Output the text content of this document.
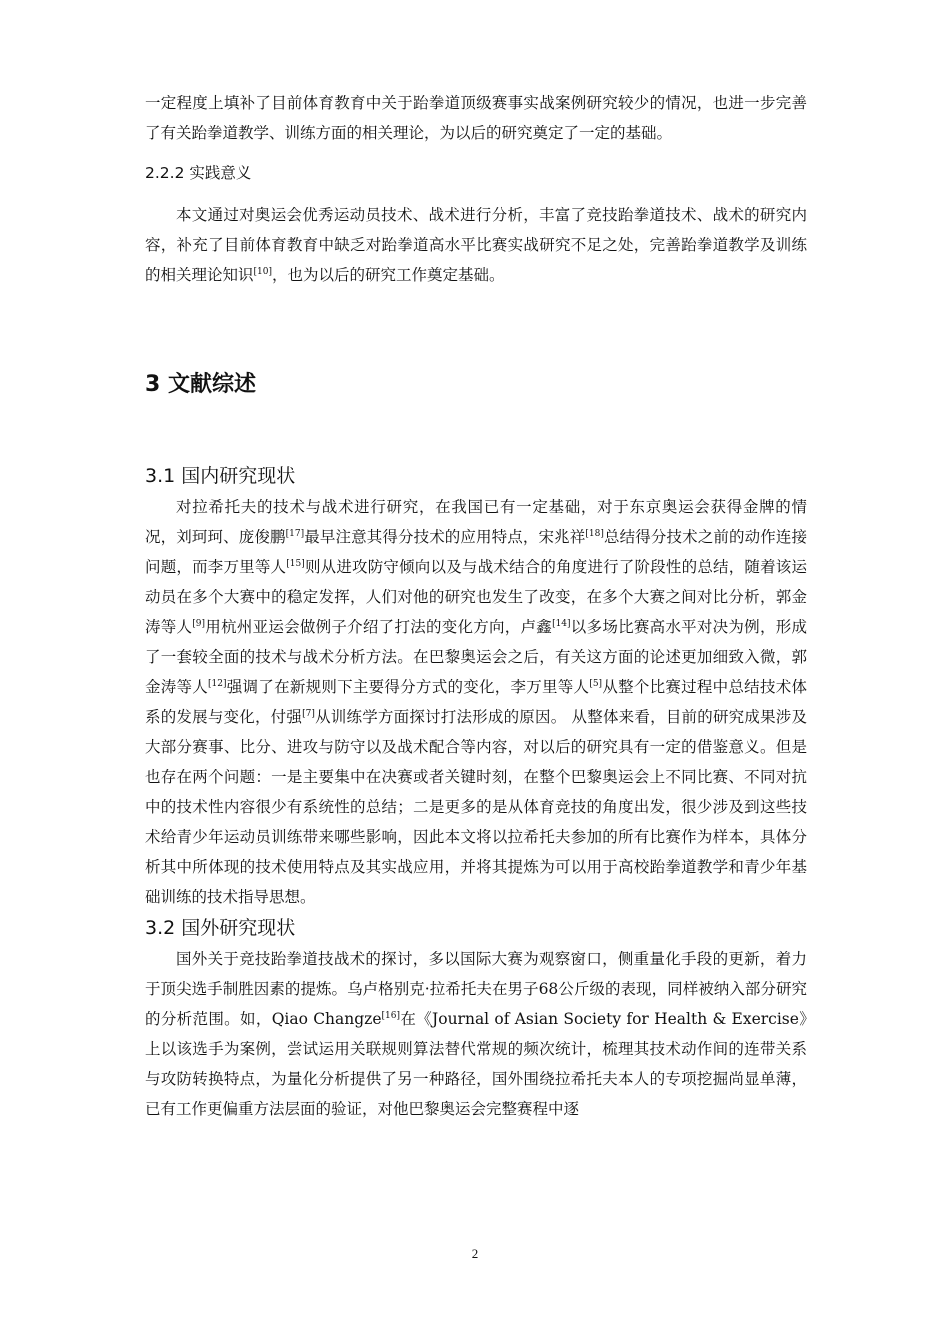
一定程度上填补了目前体育教育中关于跆拳道顶级赛事实战案例研究较少的情况，也进一步完善了有关跆拳道教学、训练方面的相关理论，为以后的研究奠定了一定的基础。

2.2.2 实践意义

本文通过对奥运会优秀运动员技术、战术进行分析，丰富了竞技跆拳道技术、战术的研究内容，补充了目前体育教育中缺乏对跆拳道高水平比赛实战研究不足之处，完善跆拳道教学及训练的相关理论知识[10]，也为以后的研究工作奠定基础。

3 文献综述
3.1 国内研究现状

对拉希托夫的技术与战术进行研究，在我国已有一定基础，对于东京奥运会获得金牌的情况，刘珂珂、庞俊鹏[17]最早注意其得分技术的应用特点，宋兆祥[18]总结得分技术之前的动作连接问题，而李万里等人[15]则从进攻防守倾向以及与战术结合的角度进行了阶段性的总结，随着该运动员在多个大赛中的稳定发挥，人们对他的研究也发生了改变，在多个大赛之间对比分析，郭金涛等人[9]用杭州亚运会做例子介绍了打法的变化方向，卢鑫[14]以多场比赛高水平对决为例，形成了一套较全面的技术与战术分析方法。在巴黎奥运会之后，有关这方面的论述更加细致入微，郭金涛等人[12]强调了在新规则下主要得分方式的变化，李万里等人[5]从整个比赛过程中总结技术体系的发展与变化，付强[7]从训练学方面探讨打法形成的原因。 从整体来看，目前的研究成果涉及大部分赛事、比分、进攻与防守以及战术配合等内容，对以后的研究具有一定的借鉴意义。但是也存在两个问题：一是主要集中在决赛或者关键时刻，在整个巴黎奥运会上不同比赛、不同对抗中的技术性内容很少有系统性的总结；二是更多的是从体育竞技的角度出发，很少涉及到这些技术给青少年运动员训练带来哪些影响，因此本文将以拉希托夫参加的所有比赛作为样本，具体分析其中所体现的技术使用特点及其实战应用，并将其提炼为可以用于高校跆拳道教学和青少年基础训练的技术指导思想。

3.2 国外研究现状

国外关于竞技跆拳道技战术的探讨，多以国际大赛为观察窗口，侧重量化手段的更新，着力于顶尖选手制胜因素的提炼。乌卢格别克·拉希托夫在男子68公斤级的表现，同样被纳入部分研究的分析范围。如，Qiao Changze[16]在《Journal of Asian Society for Health & Exercise》上以该选手为案例，尝试运用关联规则算法替代常规的频次统计，梳理其技术动作间的连带关系与攻防转换特点，为量化分析提供了另一种路径，国外围绕拉希托夫本人的专项挖掘尚显单薄，已有工作更偏重方法层面的验证，对他巴黎奥运会完整赛程中逐

2
